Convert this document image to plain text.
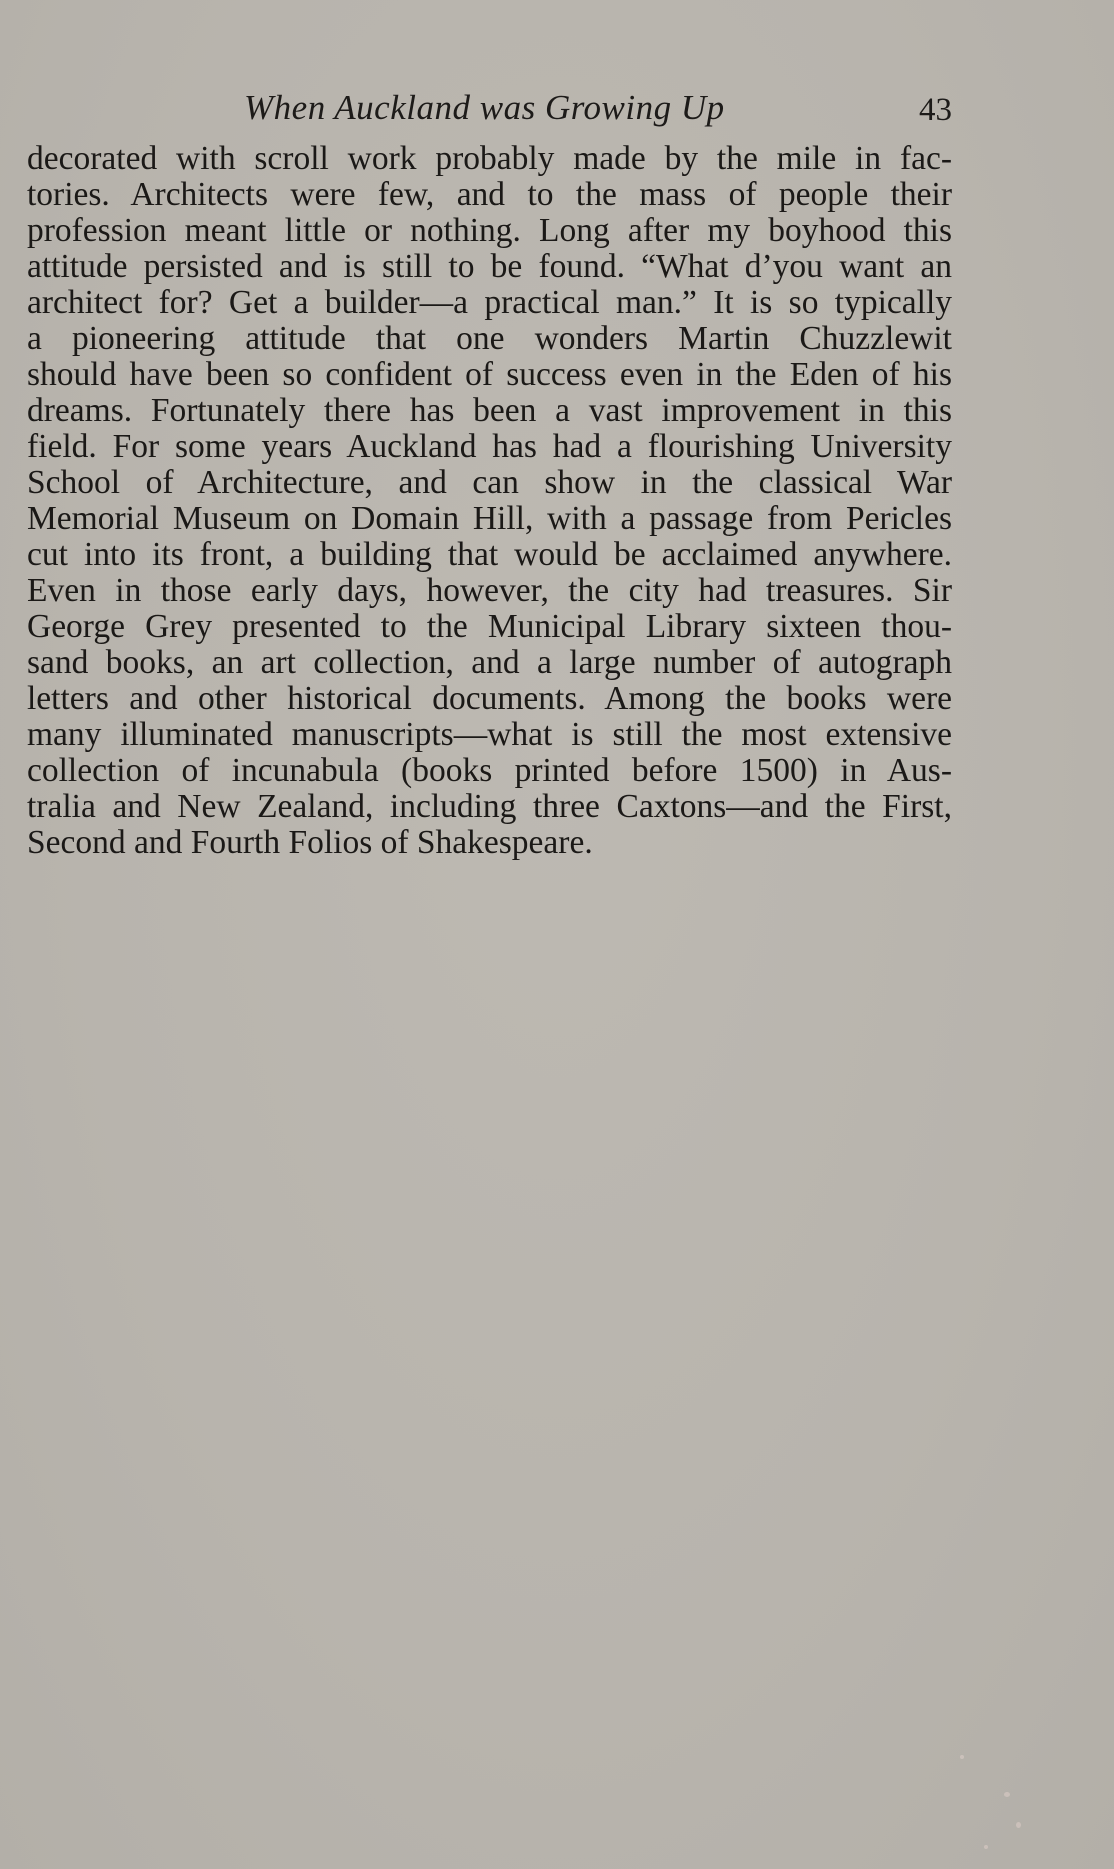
When Auckland was Growing Up	43
decorated with scroll work probably made by the mile in fac-
tories. Architects were few, and to the mass of people their
profession meant little or nothing. Long after my boyhood this
attitude persisted and is still to be found. “What d’you want an
architect for? Get a builder—a practical man.” It is so typically
a pioneering attitude that one wonders Martin Chuzzlewit
should have been so confident of success even in the Eden of his
dreams. Fortunately there has been a vast improvement in this
field. For some years Auckland has had a flourishing University
School of Architecture, and can show in the classical War
Memorial Museum on Domain Hill, with a passage from Pericles
cut into its front, a building that would be acclaimed anywhere.
Even in those early days, however, the city had treasures. Sir
George Grey presented to the Municipal Library sixteen thou-
sand books, an art collection, and a large number of autograph
letters and other historical documents. Among the books were
many illuminated manuscripts—what is still the most extensive
collection of incunabula (books printed before 1500) in Aus-
tralia and New Zealand, including three Caxtons—and the First,
Second and Fourth Folios of Shakespeare.
